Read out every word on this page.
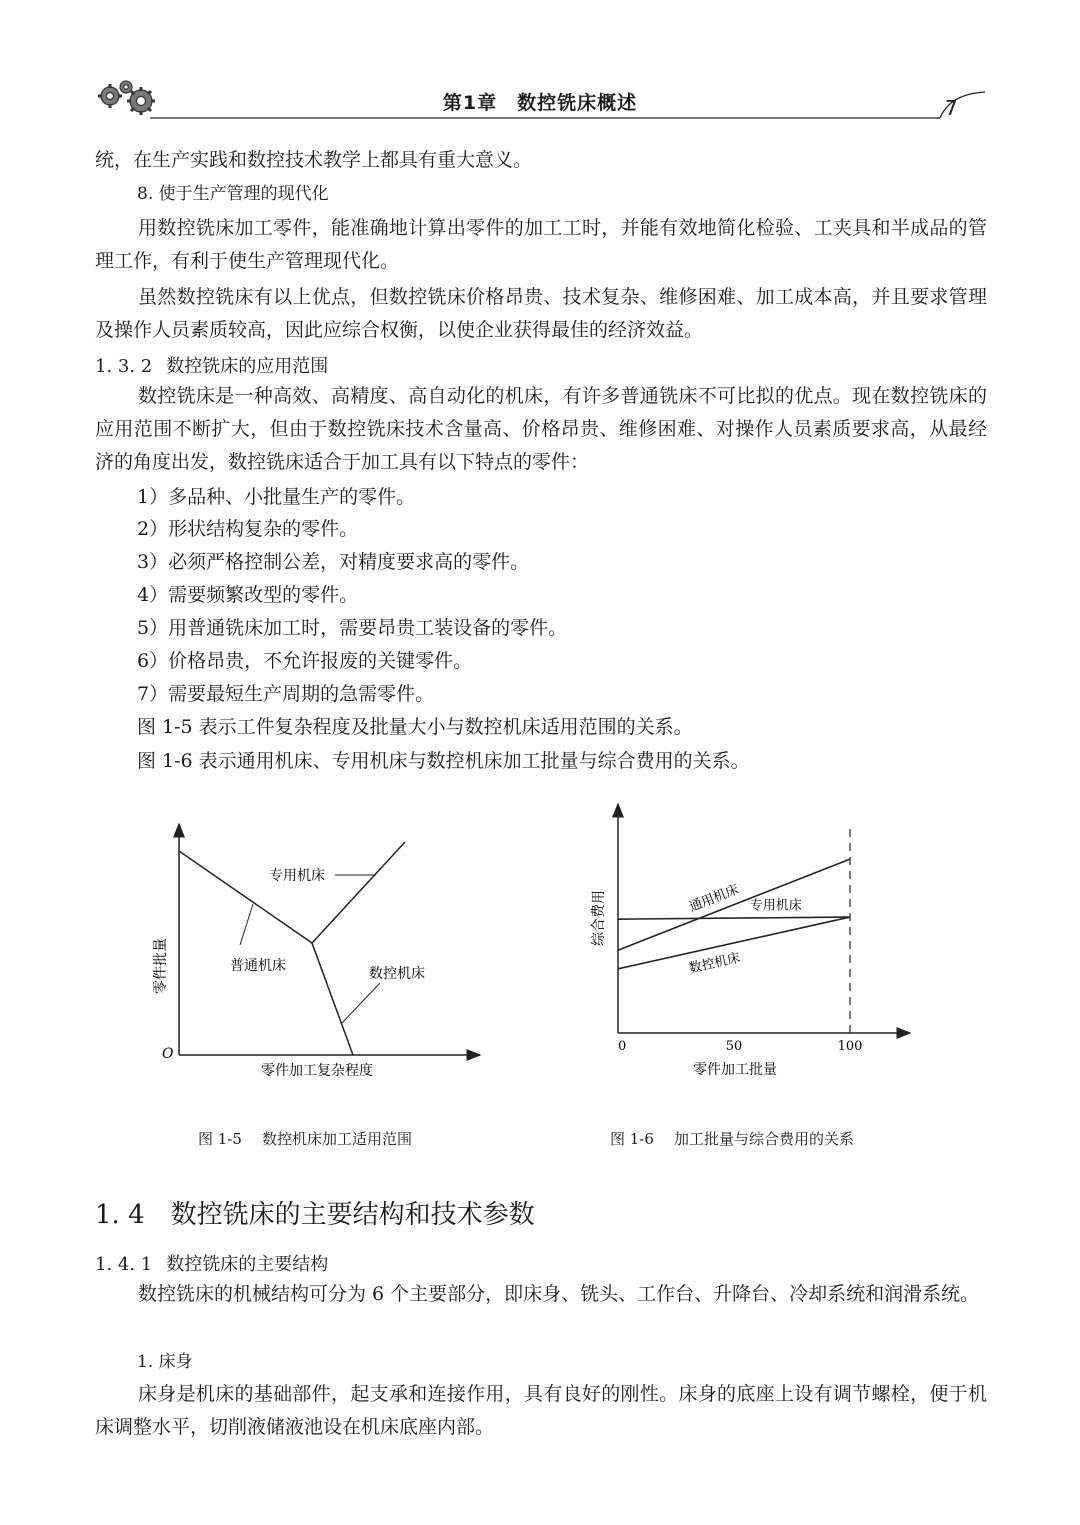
第1章　数控铣床概述	7

统，在生产实践和数控技术教学上都具有重大意义。

8. 使于生产管理的现代化

用数控铣床加工零件，能准确地计算出零件的加工工时，并能有效地简化检验、工夹具和半成品的管理工作，有利于使生产管理现代化。

虽然数控铣床有以上优点，但数控铣床价格昂贵、技术复杂、维修困难、加工成本高，并且要求管理及操作人员素质较高，因此应综合权衡，以使企业获得最佳的经济效益。

1. 3. 2 数控铣床的应用范围

数控铣床是一种高效、高精度、高自动化的机床，有许多普通铣床不可比拟的优点。现在数控铣床的应用范围不断扩大，但由于数控铣床技术含量高、价格昂贵、维修困难、对操作人员素质要求高，从最经济的角度出发，数控铣床适合于加工具有以下特点的零件：

1）多品种、小批量生产的零件。

2）形状结构复杂的零件。

3）必须严格控制公差，对精度要求高的零件。

4）需要频繁改型的零件。

5）用普通铣床加工时，需要昂贵工装设备的零件。

6）价格昂贵，不允许报废的关键零件。

7）需要最短生产周期的急需零件。

图 1-5 表示工件复杂程度及批量大小与数控机床适用范围的关系。

图 1-6 表示通用机床、专用机床与数控机床加工批量与综合费用的关系。

专用机床
普通机床	数控机床
O
零件加工复杂程度
零件批量
综合费用
零件加工批量
0	50	100
通用机床 专用机床
数控机床
图 1-5 数控机床加工适用范围	图 1-6 加工批量与综合费用的关系
1. 4 数控铣床的主要结构和技术参数
1. 4. 1 数控铣床的主要结构

数控铣床的机械结构可分为 6 个主要部分，即床身、铣头、工作台、升降台、冷却系统和润滑系统。

1. 床身

床身是机床的基础部件，起支承和连接作用，具有良好的刚性。床身的底座上设有调节螺栓，便于机床调整水平，切削液储液池设在机床底座内部。
